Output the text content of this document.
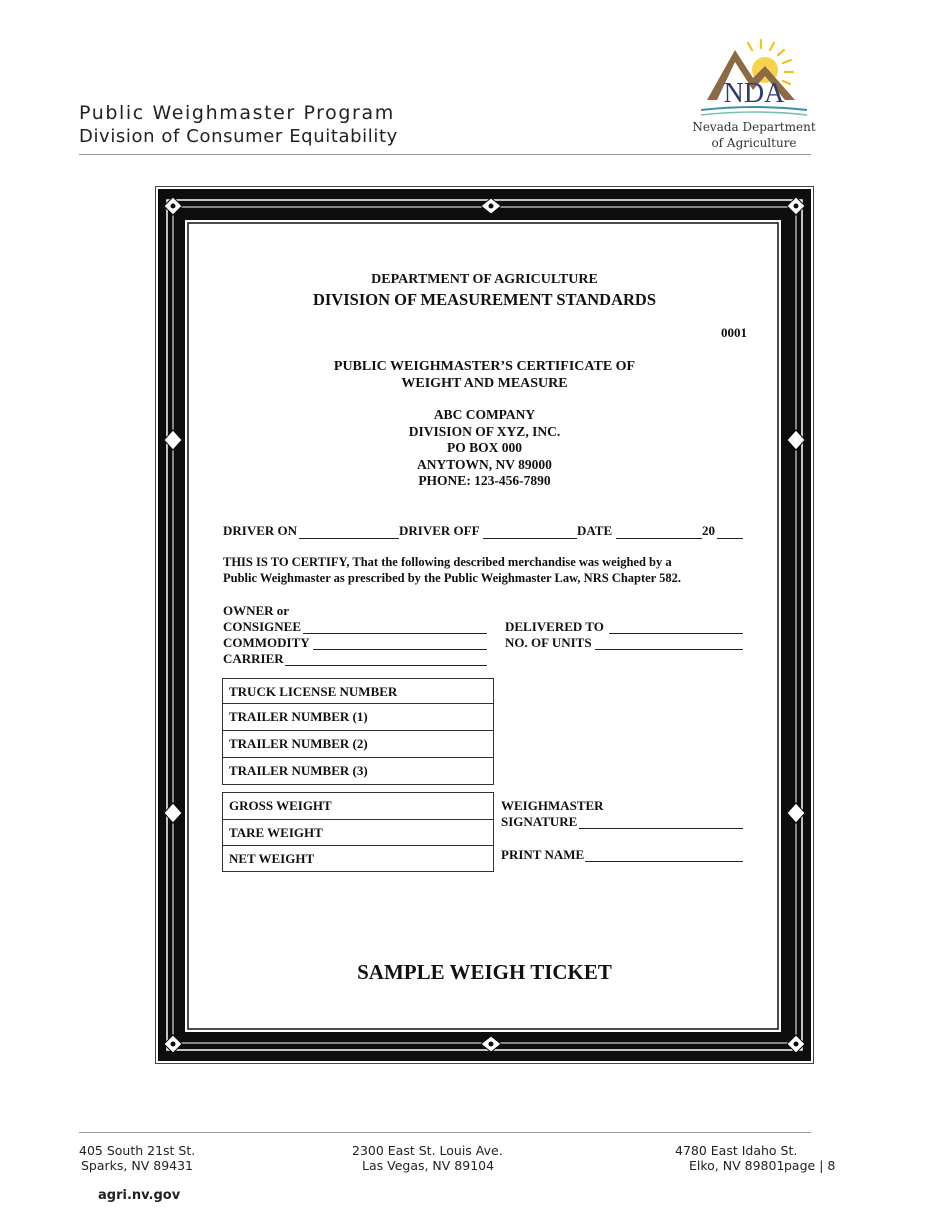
Public Weighmaster Program
Division of Consumer Equitability
NDA
Nevada Department
of Agriculture
DEPARTMENT OF AGRICULTURE
DIVISION OF MEASUREMENT STANDARDS
0001
PUBLIC WEIGHMASTER’S CERTIFICATE OF
WEIGHT AND MEASURE
ABC COMPANY
DIVISION OF XYZ, INC.
PO BOX 000
ANYTOWN, NV 89000
PHONE: 123-456-7890
DRIVER ON	DRIVER OFF	DATE	20
THIS IS TO CERTIFY, That the following described merchandise was weighed by a
Public Weighmaster as prescribed by the Public Weighmaster Law, NRS Chapter 582.
OWNER or
CONSIGNEE	DELIVERED TO
COMMODITY	NO. OF UNITS
CARRIER
TRUCK LICENSE NUMBER
TRAILER NUMBER (1)
TRAILER NUMBER (2)
TRAILER NUMBER (3)
GROSS WEIGHT
TARE WEIGHT
NET WEIGHT
WEIGHMASTER
SIGNATURE
PRINT NAME
SAMPLE WEIGH TICKET
405 South 21st St.
Sparks, NV 89431
2300 East St. Louis Ave.
Las Vegas, NV 89104
4780 East Idaho St.
Elko, NV 89801 page | 8
agri.nv.gov
